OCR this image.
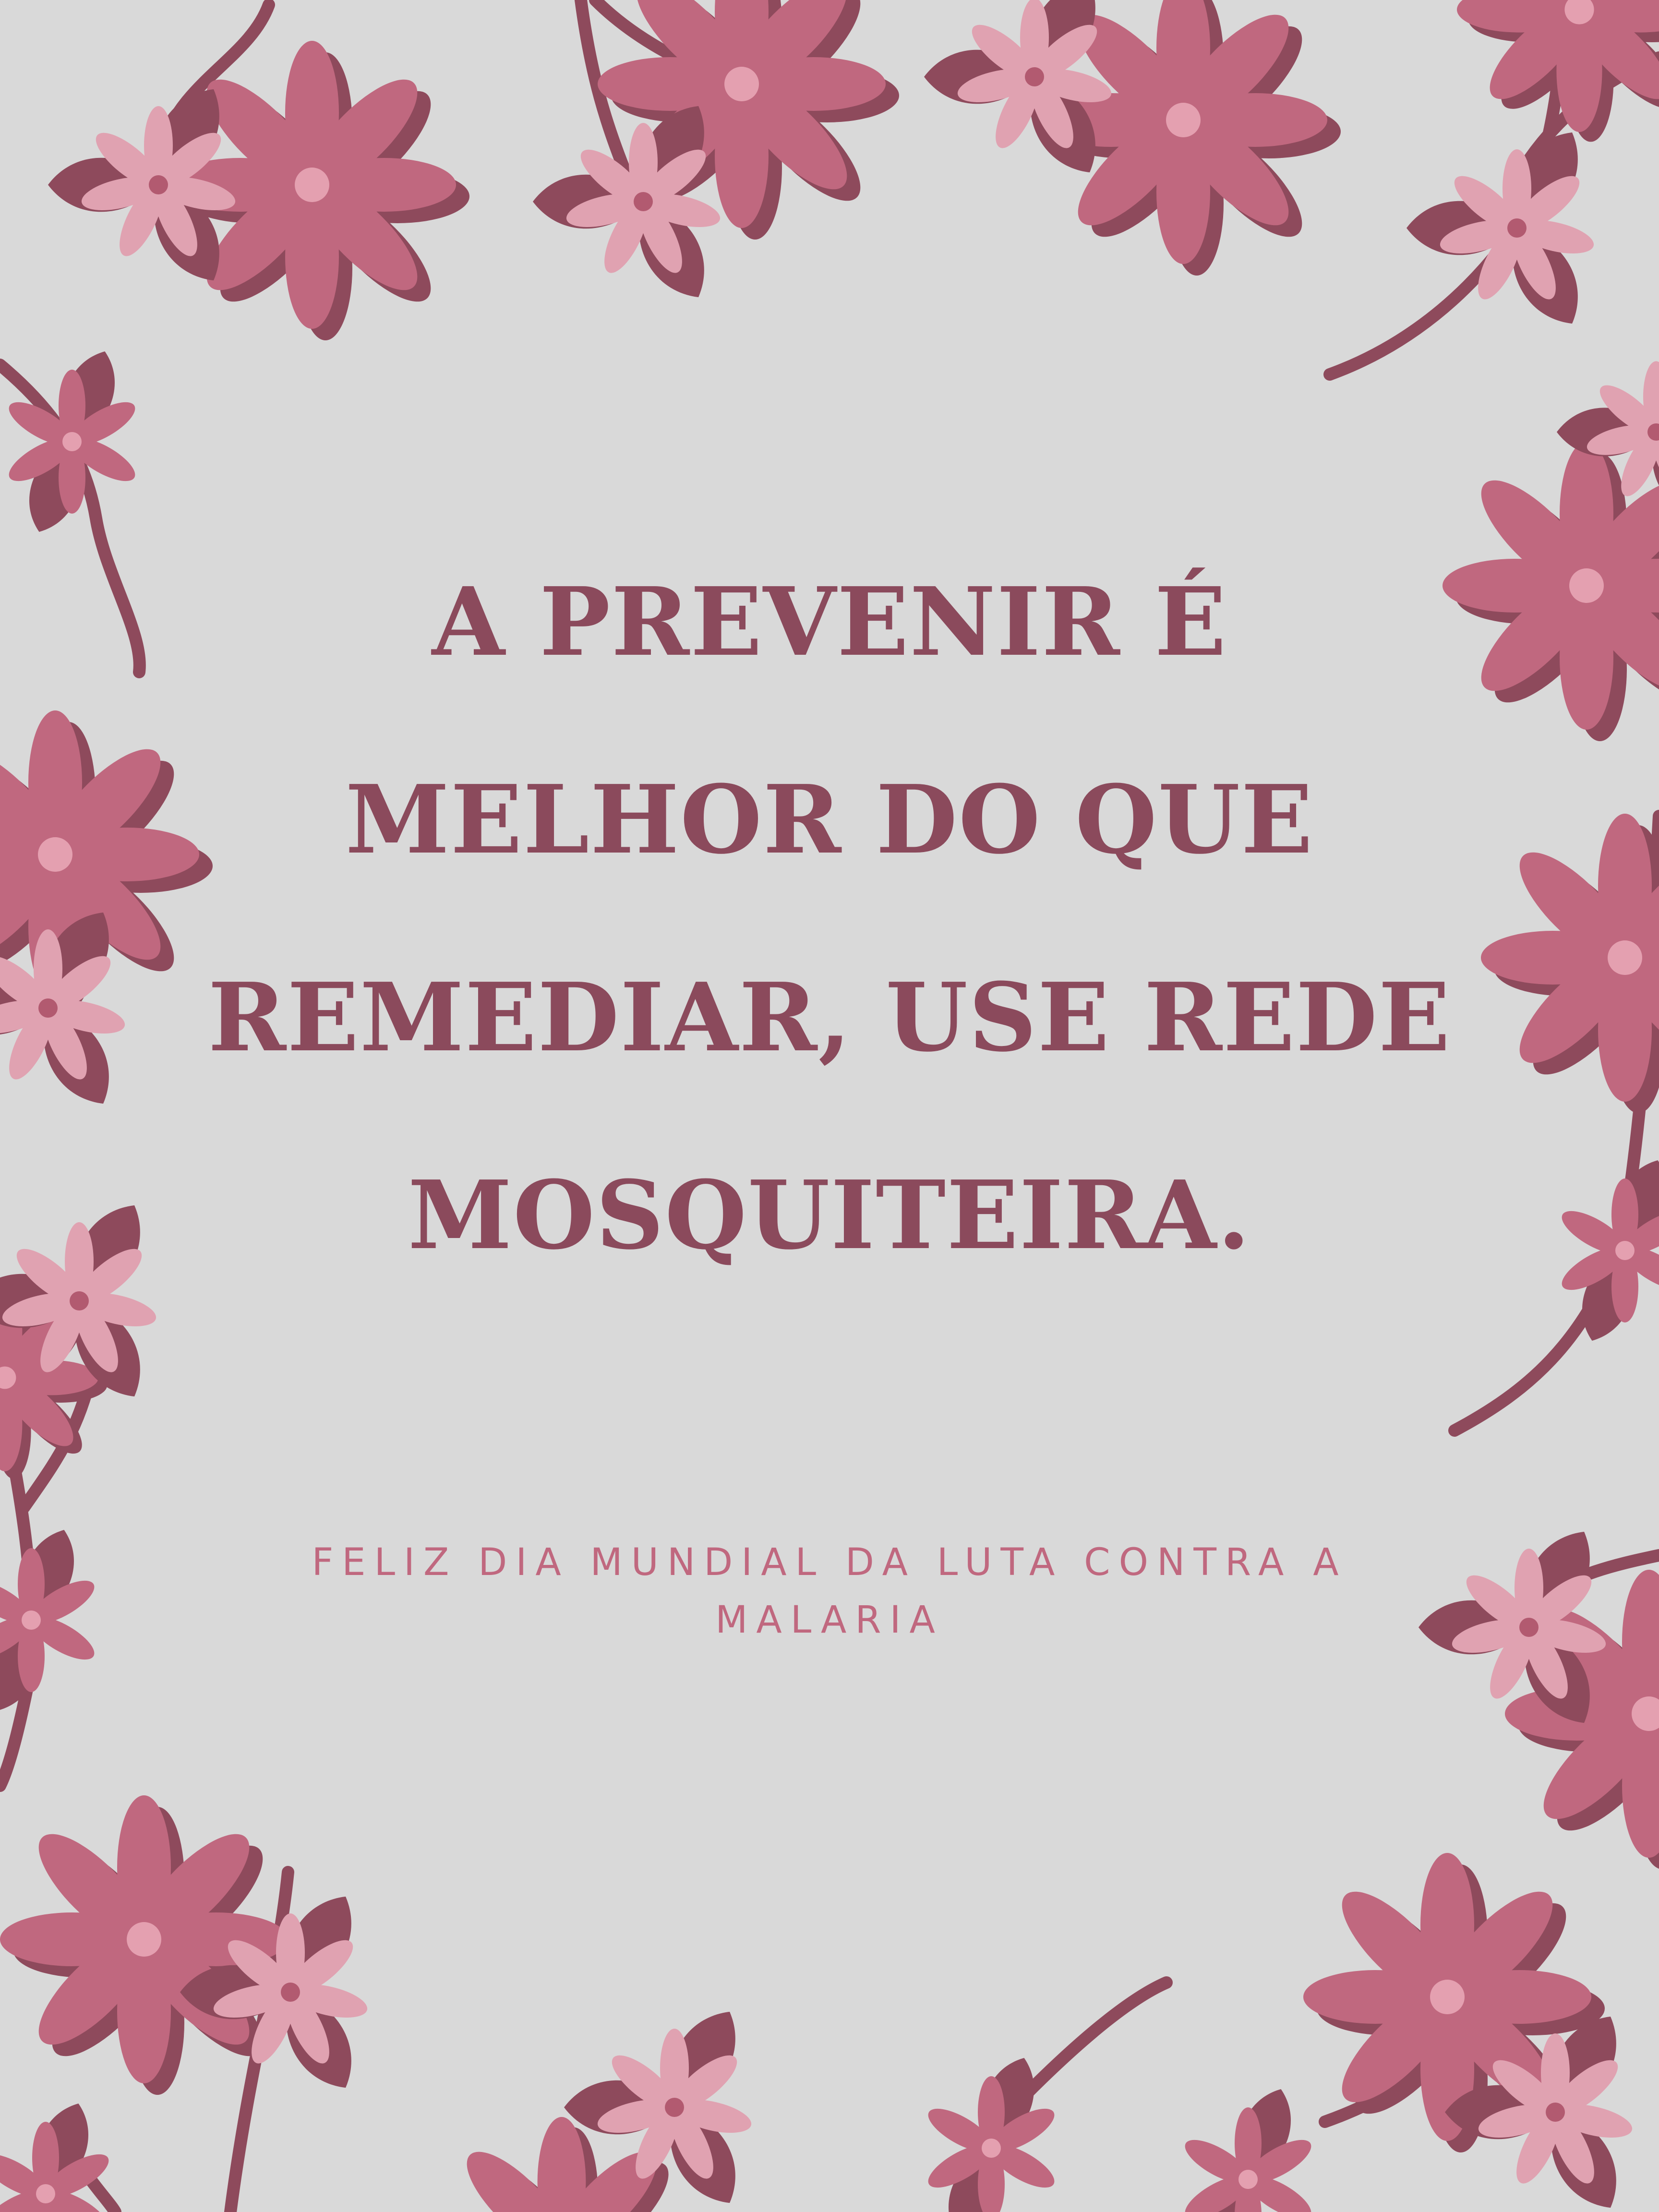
A PREVENIR É
MELHOR DO QUE
REMEDIAR, USE REDE
MOSQUITEIRA.

FELIZ DIA MUNDIAL DA LUTA CONTRA A
MALARIA
